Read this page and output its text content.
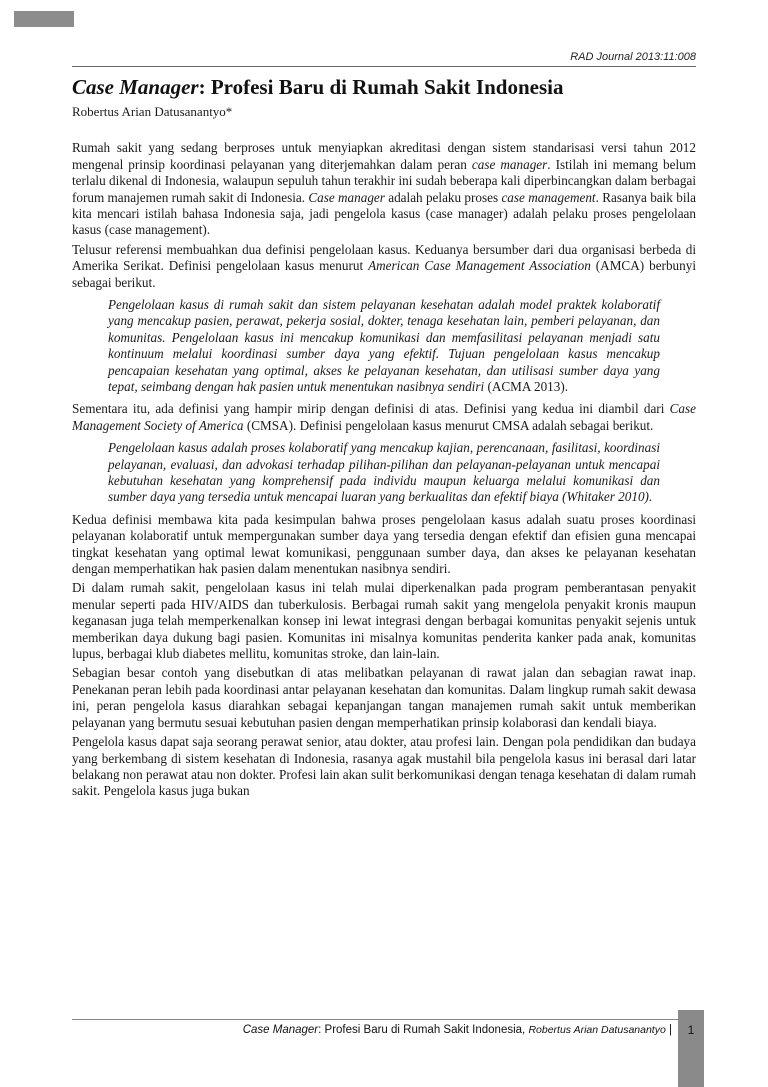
RAD Journal 2013:11:008
Case Manager: Profesi Baru di Rumah Sakit Indonesia
Robertus Arian Datusanantyo*

Rumah sakit yang sedang berproses untuk menyiapkan akreditasi dengan sistem standarisasi versi tahun 2012 mengenal prinsip koordinasi pelayanan yang diterjemahkan dalam peran case manager. Istilah ini memang belum terlalu dikenal di Indonesia, walaupun sepuluh tahun terakhir ini sudah beberapa kali diperbincangkan dalam berbagai forum manajemen rumah sakit di Indonesia. Case manager adalah pelaku proses case management. Rasanya baik bila kita mencari istilah bahasa Indonesia saja, jadi pengelola kasus (case manager) adalah pelaku proses pengelolaan kasus (case management).

Telusur referensi membuahkan dua definisi pengelolaan kasus. Keduanya bersumber dari dua organisasi berbeda di Amerika Serikat. Definisi pengelolaan kasus menurut American Case Management Association (AMCA) berbunyi sebagai berikut.

Pengelolaan kasus di rumah sakit dan sistem pelayanan kesehatan adalah model praktek kolaboratif yang mencakup pasien, perawat, pekerja sosial, dokter, tenaga kesehatan lain, pemberi pelayanan, dan komunitas. Pengelolaan kasus ini mencakup komunikasi dan memfasilitasi pelayanan menjadi satu kontinuum melalui koordinasi sumber daya yang efektif. Tujuan pengelolaan kasus mencakup pencapaian kesehatan yang optimal, akses ke pelayanan kesehatan, dan utilisasi sumber daya yang tepat, seimbang dengan hak pasien untuk menentukan nasibnya sendiri (ACMA 2013).

Sementara itu, ada definisi yang hampir mirip dengan definisi di atas. Definisi yang kedua ini diambil dari Case Management Society of America (CMSA). Definisi pengelolaan kasus menurut CMSA adalah sebagai berikut.

Pengelolaan kasus adalah proses kolaboratif yang mencakup kajian, perencanaan, fasilitasi, koordinasi pelayanan, evaluasi, dan advokasi terhadap pilihan-pilihan dan pelayanan-pelayanan untuk mencapai kebutuhan kesehatan yang komprehensif pada individu maupun keluarga melalui komunikasi dan sumber daya yang tersedia untuk mencapai luaran yang berkualitas dan efektif biaya (Whitaker 2010).

Kedua definisi membawa kita pada kesimpulan bahwa proses pengelolaan kasus adalah suatu proses koordinasi pelayanan kolaboratif untuk mempergunakan sumber daya yang tersedia dengan efektif dan efisien guna mencapai tingkat kesehatan yang optimal lewat komunikasi, penggunaan sumber daya, dan akses ke pelayanan kesehatan dengan memperhatikan hak pasien dalam menentukan nasibnya sendiri.

Di dalam rumah sakit, pengelolaan kasus ini telah mulai diperkenalkan pada program pemberantasan penyakit menular seperti pada HIV/AIDS dan tuberkulosis. Berbagai rumah sakit yang mengelola penyakit kronis maupun keganasan juga telah memperkenalkan konsep ini lewat integrasi dengan berbagai komunitas penyakit sejenis untuk memberikan daya dukung bagi pasien. Komunitas ini misalnya komunitas penderita kanker pada anak, komunitas lupus, berbagai klub diabetes mellitu, komunitas stroke, dan lain-lain.

Sebagian besar contoh yang disebutkan di atas melibatkan pelayanan di rawat jalan dan sebagian rawat inap. Penekanan peran lebih pada koordinasi antar pelayanan kesehatan dan komunitas. Dalam lingkup rumah sakit dewasa ini, peran pengelola kasus diarahkan sebagai kepanjangan tangan manajemen rumah sakit untuk memberikan pelayanan yang bermutu sesuai kebutuhan pasien dengan memperhatikan prinsip kolaborasi dan kendali biaya.

Pengelola kasus dapat saja seorang perawat senior, atau dokter, atau profesi lain. Dengan pola pendidikan dan budaya yang berkembang di sistem kesehatan di Indonesia, rasanya agak mustahil bila pengelola kasus ini berasal dari latar belakang non perawat atau non dokter. Profesi lain akan sulit berkomunikasi dengan tenaga kesehatan di dalam rumah sakit. Pengelola kasus juga bukan

Case Manager: Profesi Baru di Rumah Sakit Indonesia, Robertus Arian Datusanantyo |	1
